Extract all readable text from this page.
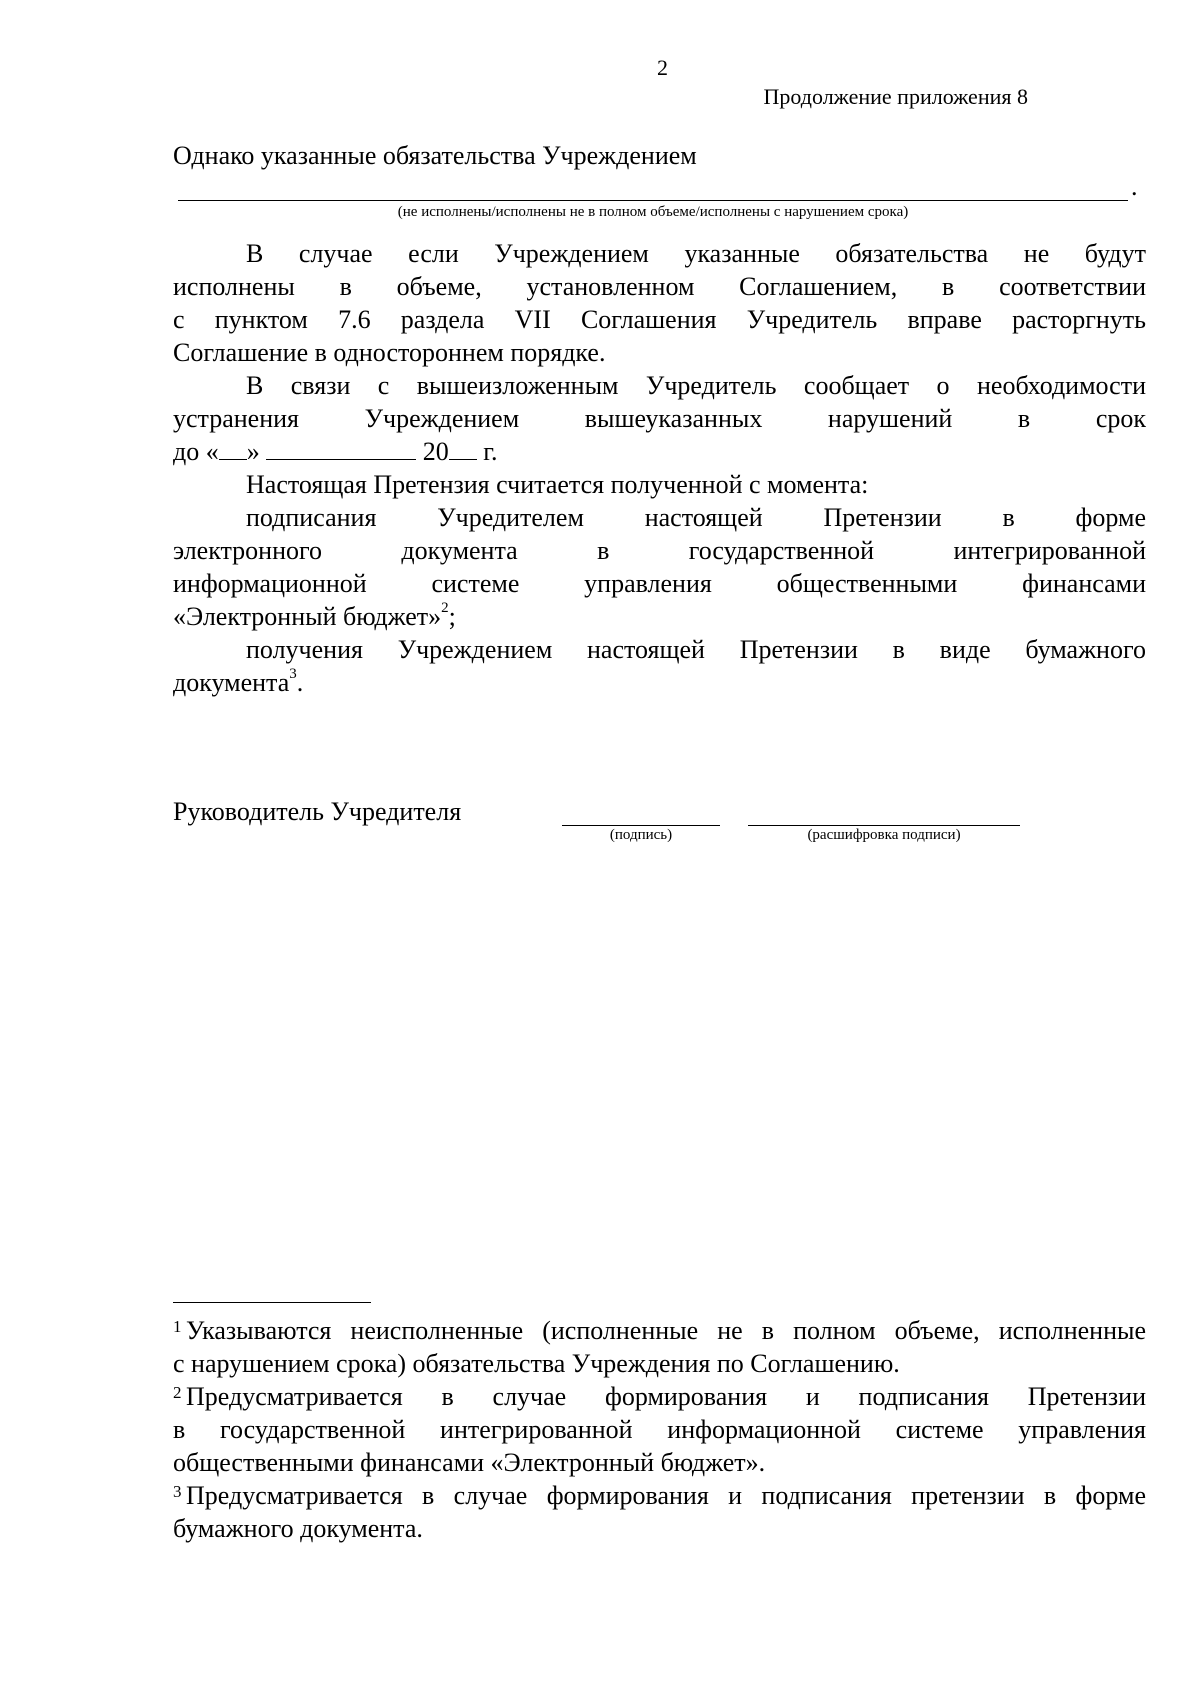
2
Продолжение приложения 8
Однако указанные обязательства Учреждением
.
(не исполнены/исполнены не в полном объеме/исполнены с нарушением срока)
В случае если Учреждением указанные обязательства не будут
исполнены в объеме, установленном Соглашением, в соответствии
с пунктом 7.6 раздела VII Соглашения Учредитель вправе расторгнуть
Соглашение в одностороннем порядке.
В связи с вышеизложенным Учредитель сообщает о необходимости
устранения Учреждением вышеуказанных нарушений в срок
до « »	20 г.
Настоящая Претензия считается полученной с момента:
подписания Учредителем настоящей Претензии в форме
электронного документа в государственной интегрированной
информационной системе управления общественными финансами
«Электронный бюджет»$^2$;
получения Учреждением настоящей Претензии в виде бумажного
документа$^3$.
Руководитель Учредителя
(подпись)	(расшифровка подписи)
1 Указываются неисполненные (исполненные не в полном объеме, исполненные
с нарушением срока) обязательства Учреждения по Соглашению.
2 Предусматривается в случае формирования и подписания Претензии
в государственной интегрированной информационной системе управления
общественными финансами «Электронный бюджет».
3 Предусматривается в случае формирования и подписания претензии в форме
бумажного документа.
